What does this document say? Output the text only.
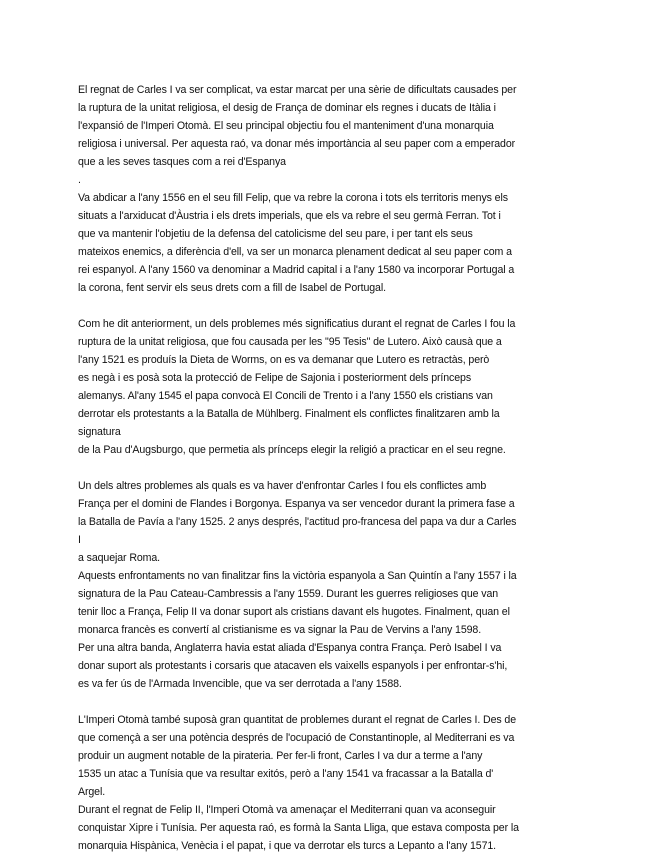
El regnat de Carles I va ser complicat, va estar marcat per una sèrie de dificultats causades per
la ruptura de la unitat religiosa, el desig de França de dominar els regnes i ducats de Itàlia i
l'expansió de l'Imperi Otomà. El seu principal objectiu fou el manteniment d'una monarquia
religiosa i universal. Per aquesta raó, va donar més importància al seu paper com a emperador
que a les seves tasques com a rei d'Espanya
.
Va abdicar a l'any 1556 en el seu fill Felip, que va rebre la corona i tots els territoris menys els
situats a l'arxiducat d'Àustria i els drets imperials, que els va rebre el seu germà Ferran. Tot i
que va mantenir l'objetiu de la defensa del catolicisme del seu pare, i per tant els seus
mateixos enemics, a diferència d'ell, va ser un monarca plenament dedicat al seu paper com a
rei espanyol. A l'any 1560 va denominar a Madrid capital i a l'any 1580 va incorporar Portugal a
la corona, fent servir els seus drets com a fill de Isabel de Portugal.
Com he dit anteriorment, un dels problemes més significatius durant el regnat de Carles I fou la
ruptura de la unitat religiosa, que fou causada per les "95 Tesis" de Lutero. Això causà que a
l'any 1521 es produís la Dieta de Worms, on es va demanar que Lutero es retractàs, però
es negà i es posà sota la protecció de Felipe de Sajonia i posteriorment dels prínceps
alemanys. Al'any 1545 el papa convocà El Concili de Trento i a l'any 1550 els cristians van
derrotar els protestants a la Batalla de Mühlberg. Finalment els conflictes finalitzaren amb la
signatura
de la Pau d'Augsburgo, que permetia als prínceps elegir la religió a practicar en el seu regne.
Un dels altres problemes als quals es va haver d'enfrontar Carles I fou els conflictes amb
França per el domini de Flandes i Borgonya. Espanya va ser vencedor durant la primera fase a
la Batalla de Pavía a l'any 1525. 2 anys després, l'actitud pro-francesa del papa va dur a Carles
I
a saquejar Roma.
Aquests enfrontaments no van finalitzar fins la victòria espanyola a San Quintín a l'any 1557 i la
signatura de la Pau Cateau-Cambressis a l'any 1559. Durant les guerres religioses que van
tenir lloc a França, Felip II va donar suport als cristians davant els hugotes. Finalment, quan el
monarca francès es convertí al cristianisme es va signar la Pau de Vervins a l'any 1598.
Per una altra banda, Anglaterra havia estat aliada d'Espanya contra França. Però Isabel I va
donar suport als protestants i corsaris que atacaven els vaixells espanyols i per enfrontar-s'hi,
es va fer ús de l'Armada Invencible, que va ser derrotada a l'any 1588.
L'Imperi Otomà també suposà gran quantitat de problemes durant el regnat de Carles I. Des de
que començà a ser una potència després de l'ocupació de Constantinople, al Mediterrani es va
produir un augment notable de la pirateria. Per fer-li front, Carles I va dur a terme a l'any
1535 un atac a Tunísia que va resultar exitós, però a l'any 1541 va fracassar a la Batalla d'
Argel.
Durant el regnat de Felip II, l'Imperi Otomà va amenaçar el Mediterrani quan va aconseguir
conquistar Xipre i Tunísia. Per aquesta raó, es formà la Santa Lliga, que estava composta per la
monarquia Hispànica, Venècia i el papat, i que va derrotar els turcs a Lepanto a l'any 1571.
